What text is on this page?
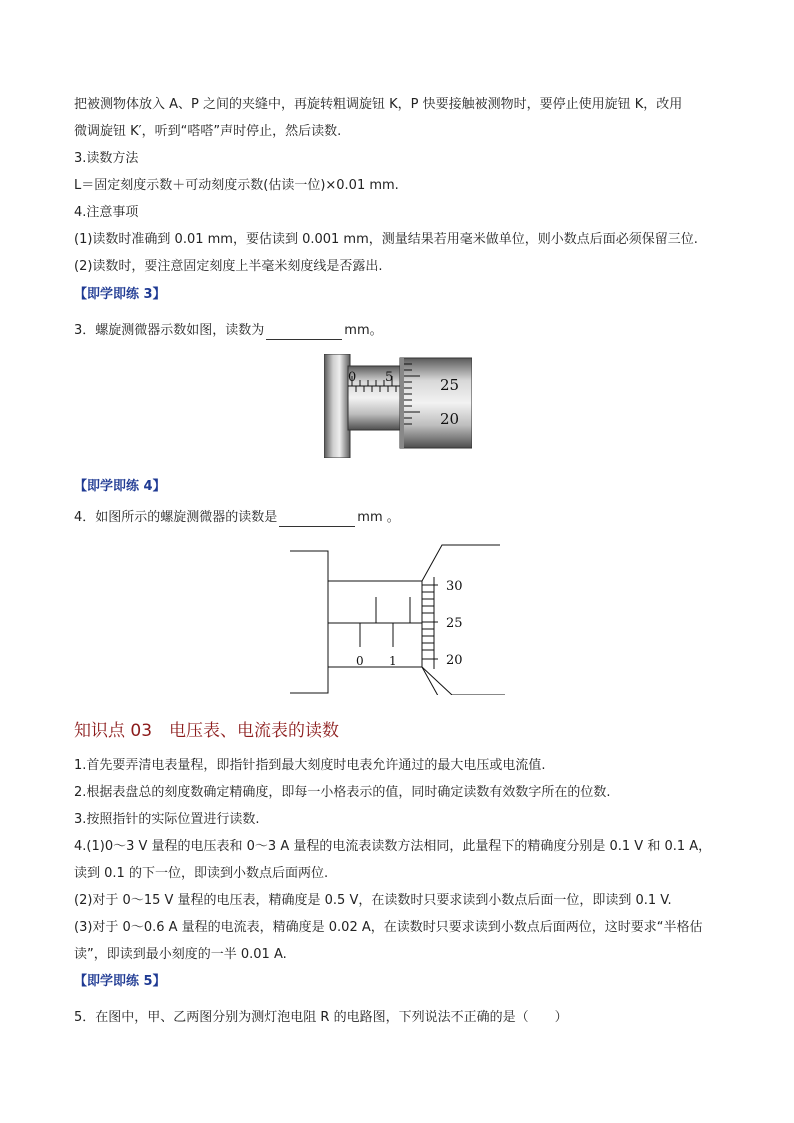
把被测物体放入 A、P 之间的夹缝中，再旋转粗调旋钮 K，P 快要接触被测物时，要停止使用旋钮 K，改用
微调旋钮 K′，听到“嗒嗒”声时停止，然后读数.
3.读数方法
L＝固定刻度示数＋可动刻度示数(估读一位)×0.01 mm.
4.注意事项
(1)读数时准确到 0.01 mm，要估读到 0.001 mm，测量结果若用毫米做单位，则小数点后面必须保留三位.
(2)读数时，要注意固定刻度上半毫米刻度线是否露出.
【即学即练 3】
3．螺旋测微器示数如图，读数为	mm。
0 5	25
20
【即学即练 4】
4．如图所示的螺旋测微器的读数是	mm 。
30
25
20
0 1
知识点 03　电压表、电流表的读数
1.首先要弄清电表量程，即指针指到最大刻度时电表允许通过的最大电压或电流值.
2.根据表盘总的刻度数确定精确度，即每一小格表示的值，同时确定读数有效数字所在的位数.
3.按照指针的实际位置进行读数.
4.(1)0～3 V 量程的电压表和 0～3 A 量程的电流表读数方法相同，此量程下的精确度分别是 0.1 V 和 0.1 A，
读到 0.1 的下一位，即读到小数点后面两位.
(2)对于 0～15 V 量程的电压表，精确度是 0.5 V，在读数时只要求读到小数点后面一位，即读到 0.1 V.
(3)对于 0～0.6 A 量程的电流表，精确度是 0.02 A，在读数时只要求读到小数点后面两位，这时要求“半格估
读”，即读到最小刻度的一半 0.01 A.
【即学即练 5】
5．在图中，甲、乙两图分别为测灯泡电阻 R 的电路图，下列说法不正确的是（　　）
